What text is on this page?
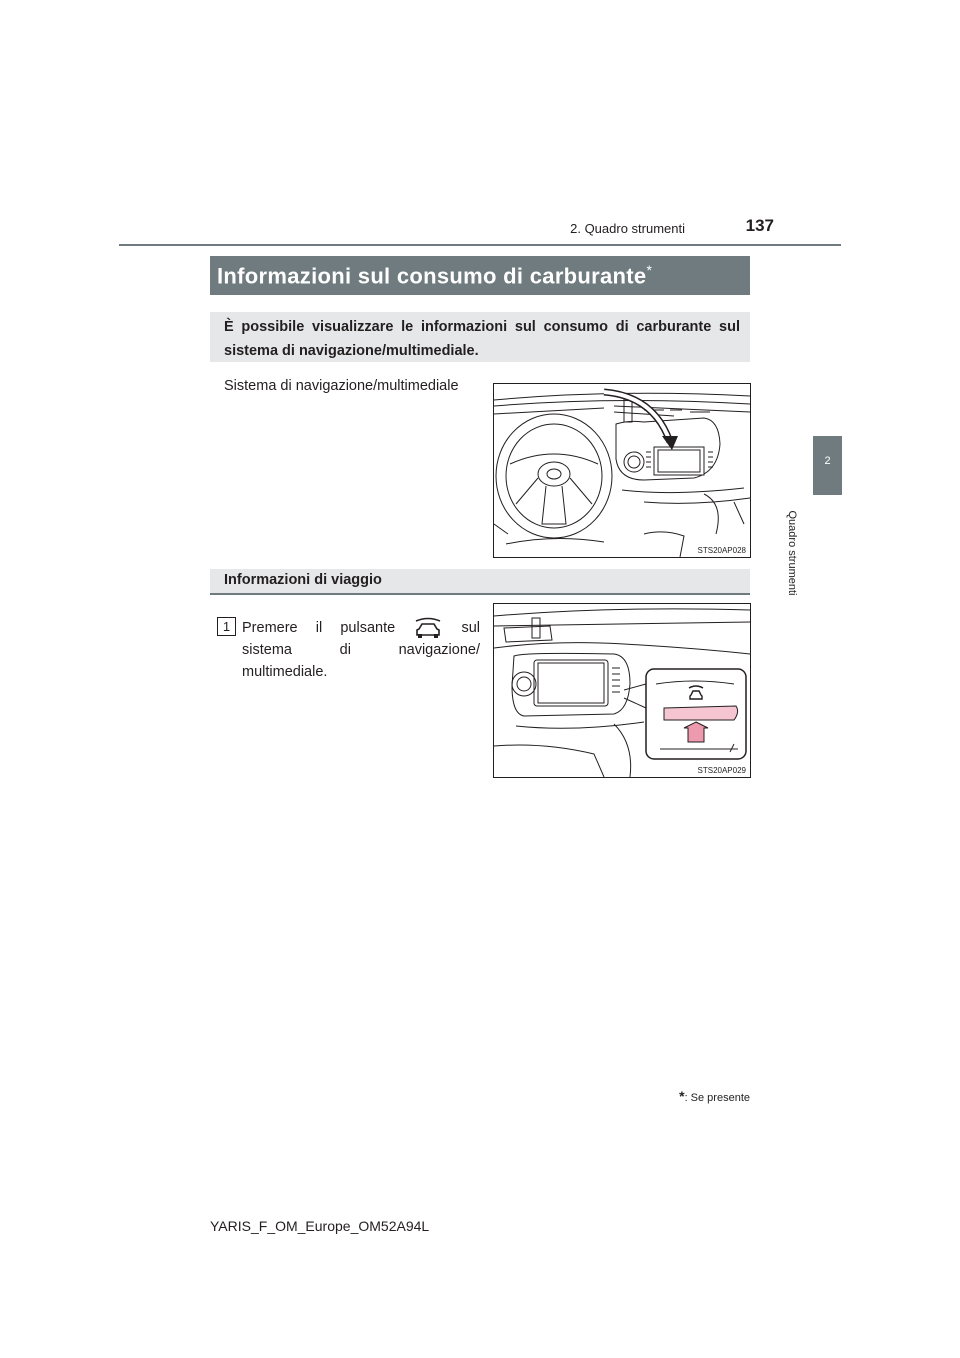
2. Quadro strumenti	137
2
Quadro strumenti
Informazioni sul consumo di carburante*
È possibile visualizzare le informazioni sul consumo di carburante sul sistema di navigazione/multimediale.
Sistema di navigazione/multimediale
STS20AP028
Informazioni di viaggio
1 Premere il pulsante	sul
sistema	di	navigazione/
multimediale.
STS20AP029
*: Se presente
YARIS_F_OM_Europe_OM52A94L
